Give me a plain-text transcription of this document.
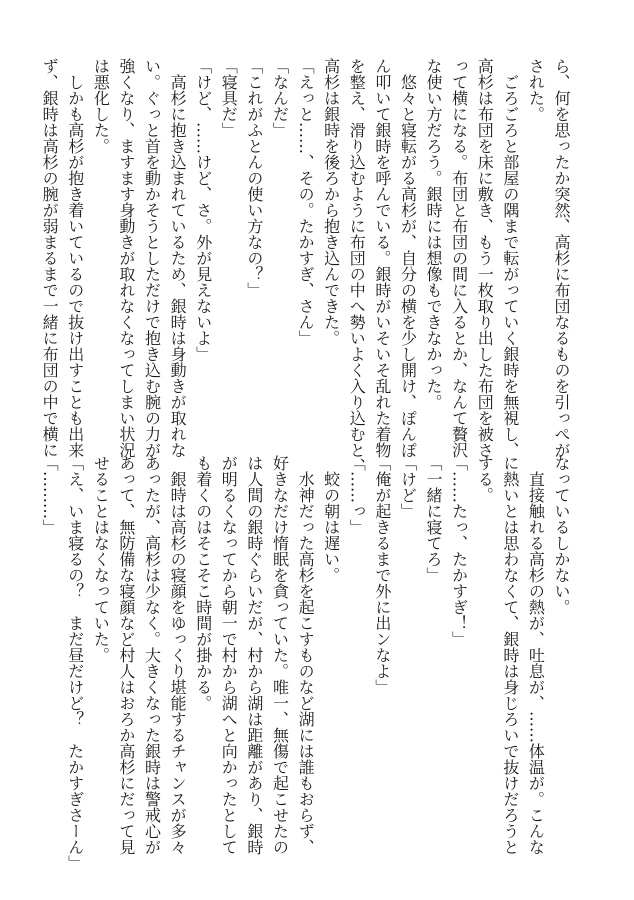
ら、何を思ったか突然、高杉に布団なるものを引っぺが
された。
　ごろごろと部屋の隅まで転がっていく銀時を無視し、
高杉は布団を床に敷き、もう一枚取り出した布団を被さ
って横になる。布団と布団の間に入るとか、なんて贅沢
な使い方だろう。銀時には想像もできなかった。
　悠々と寝転がる高杉が、自分の横を少し開け、ぽんぽ
ん叩いて銀時を呼んでいる。銀時がいそいそ乱れた着物
を整え、滑り込むように布団の中へ勢いよく入り込むと、
高杉は銀時を後ろから抱き込んできた。
「えっと……、その。たかすぎ、さん」
「なんだ」
「これがふとんの使い方なの？」
「寝具だ」
「けど、……けど、さ。外が見えないよ」
　高杉に抱き込まれているため、銀時は身動きが取れな
い。ぐっと首を動かそうとしただけで抱き込む腕の力が
強くなり、ますます身動きが取れなくなってしまい状況
は悪化した。
　しかも高杉が抱き着いているので抜け出すことも出来
ず、銀時は高杉の腕が弱まるまで一緒に布団の中で横に
なっているしかない。
　直接触れる高杉の熱が、吐息が、……体温が。こんな
に熱いとは思わなくて、銀時は身じろいで抜けだろうと
する。
「……たっ、たかすぎ！」
「一緒に寝てろ」
「けど」
「俺が起きるまで外に出ンなよ」
「……っ」
　蛟の朝は遅い。
　水神だった高杉を起こすものなど湖には誰もおらず、
好きなだけ惰眠を貪っていた。唯一、無傷で起こせたの
は人間の銀時ぐらいだが、村から湖は距離があり、銀時
が明るくなってから朝一で村から湖へと向かったとして
も着くのはそこそこ時間が掛かる。
　銀時は高杉の寝顔をゆっくり堪能するチャンスが多々
あったが、高杉は少なく。大きくなった銀時は警戒心が
あって、無防備な寝顔など村人はおろか高杉にだって見
せることはなくなっていた。
「え、いま寝るの？　まだ昼だけど？　たかすぎさーん」
「………」
